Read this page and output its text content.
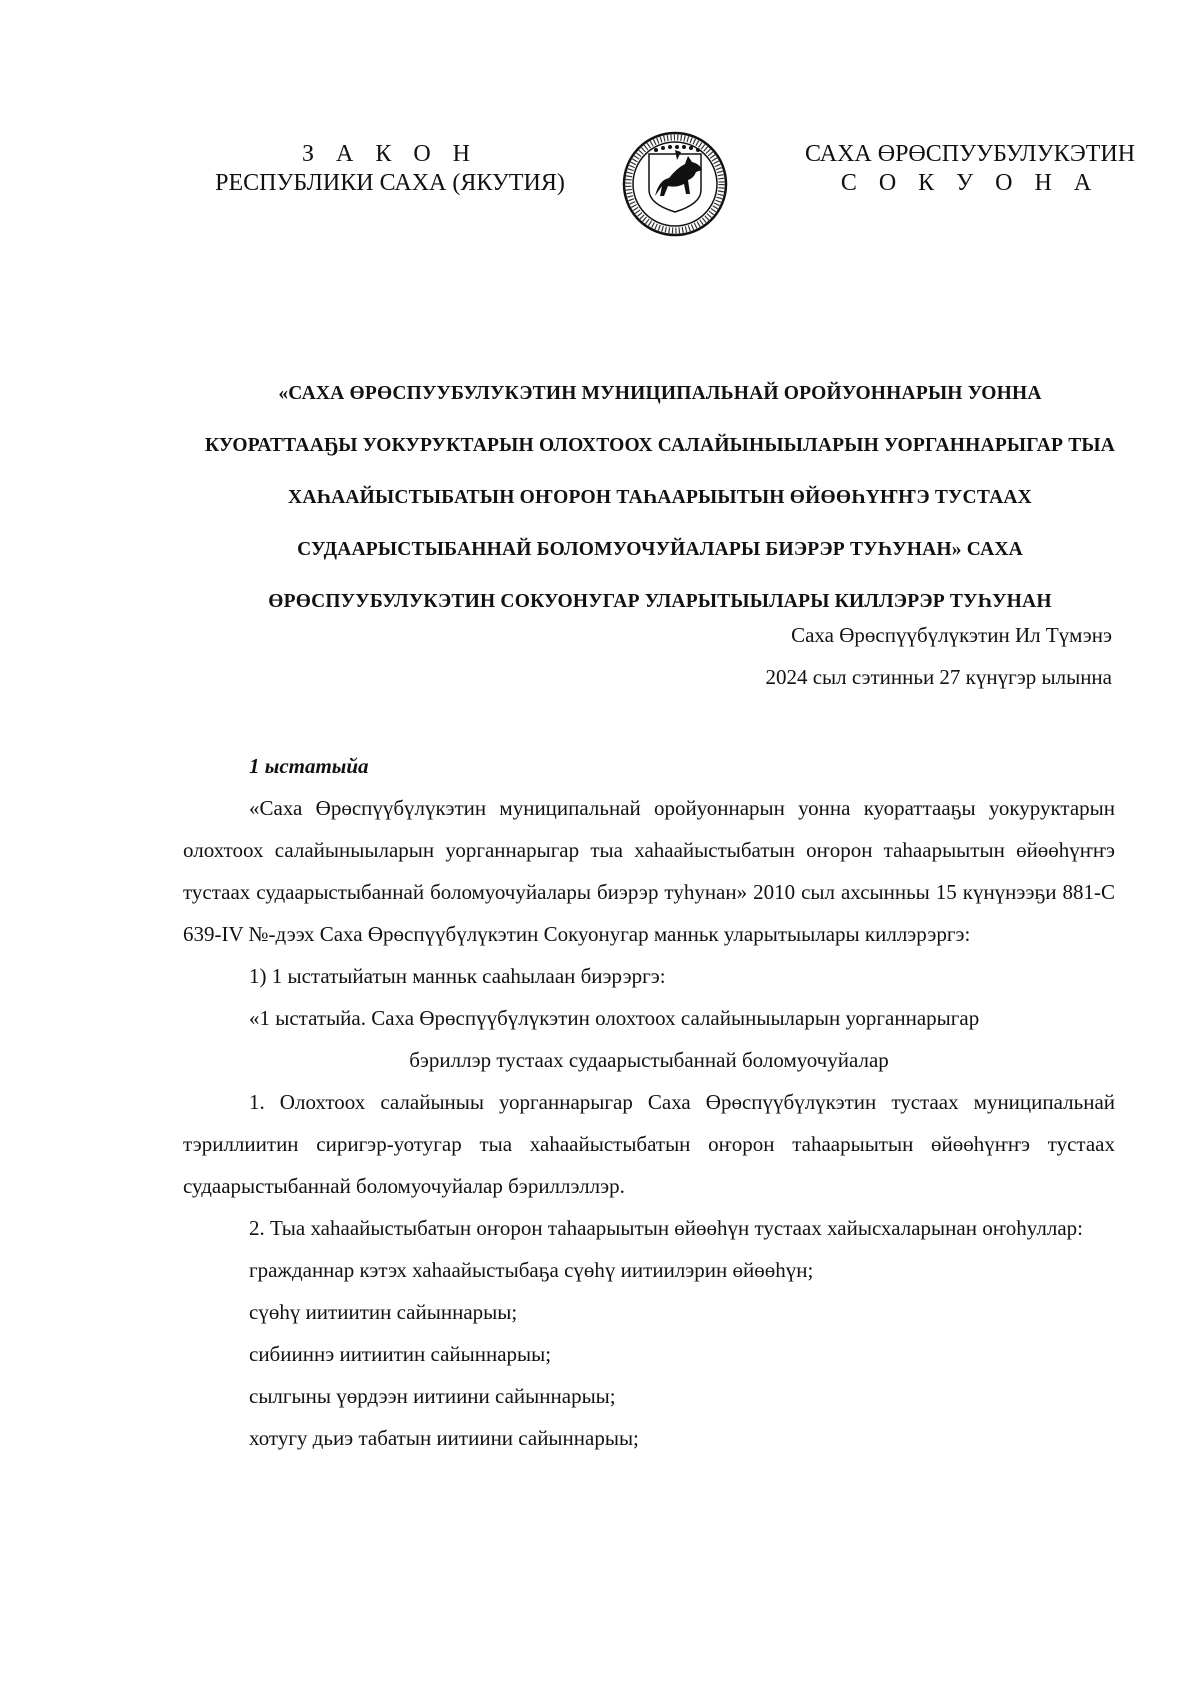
З А К О Н
РЕСПУБЛИКИ САХА (ЯКУТИЯ)
САХА ӨРӨСПУУБУЛУКЭТИН
С О К У О Н А
«САХА ӨРӨСПУУБУЛУКЭТИН МУНИЦИПАЛЬНАЙ ОРОЙУОННАРЫН УОННА
КУОРАТТААҔЫ УОКУРУКТАРЫН ОЛОХТООХ САЛАЙЫНЫЫЛАРЫН УОРГАННАРЫГАР ТЫА
ХАҺААЙЫСТЫБАТЫН ОҤОРОН ТАҺААРЫЫТЫН ӨЙӨӨҺҮҤҤЭ ТУСТААХ
СУДААРЫСТЫБАННАЙ БОЛОМУОЧУЙАЛАРЫ БИЭРЭР ТУҺУНАН» САХА
ӨРӨСПУУБУЛУКЭТИН СОКУОНУГАР УЛАРЫТЫЫЛАРЫ КИЛЛЭРЭР ТУҺУНАН
Саха Өрөспүүбүлүкэтин Ил Түмэнэ
2024 сыл сэтинньи 27 күнүгэр ылынна

1 ыстатыйа

«Саха Өрөспүүбүлүкэтин муниципальнай оройуоннарын уонна куораттааҕы уокуруктарын олохтоох салайыныыларын уорганнарыгар тыа хаһаайыстыбатын оҥорон таһаарыытын өйөөһүҥҥэ тустаах судаарыстыбаннай боломуочуйалары биэрэр туһунан» 2010 сыл ахсынньы 15 күнүнээҕи 881-С 639-IV №-дээх Саха Өрөспүүбүлүкэтин Сокуонугар манньк уларытыылары киллэрэргэ:

1) 1 ыстатыйатын манньк сааһылаан биэрэргэ:

«1 ыстатыйа. Саха Өрөспүүбүлүкэтин олохтоох салайыныыларын уорганнарыгар

бэриллэр тустаах судаарыстыбаннай боломуочуйалар

1. Олохтоох салайыныы уорганнарыгар Саха Өрөспүүбүлүкэтин тустаах муниципальнай тэриллиитин сиригэр-уотугар тыа хаһаайыстыбатын оҥорон таһаарыытын өйөөһүҥҥэ тустаах судаарыстыбаннай боломуочуйалар бэриллэллэр.

2. Тыа хаһаайыстыбатын оҥорон таһаарыытын өйөөһүн тустаах хайысхаларынан оҥоһуллар:

гражданнар кэтэх хаһаайыстыбаҕа сүөһү иитиилэрин өйөөһүн;

сүөһү иитиитин сайыннарыы;

сибииннэ иитиитин сайыннарыы;

сылгыны үөрдээн иитиини сайыннарыы;

хотугу дьиэ табатын иитиини сайыннарыы;
